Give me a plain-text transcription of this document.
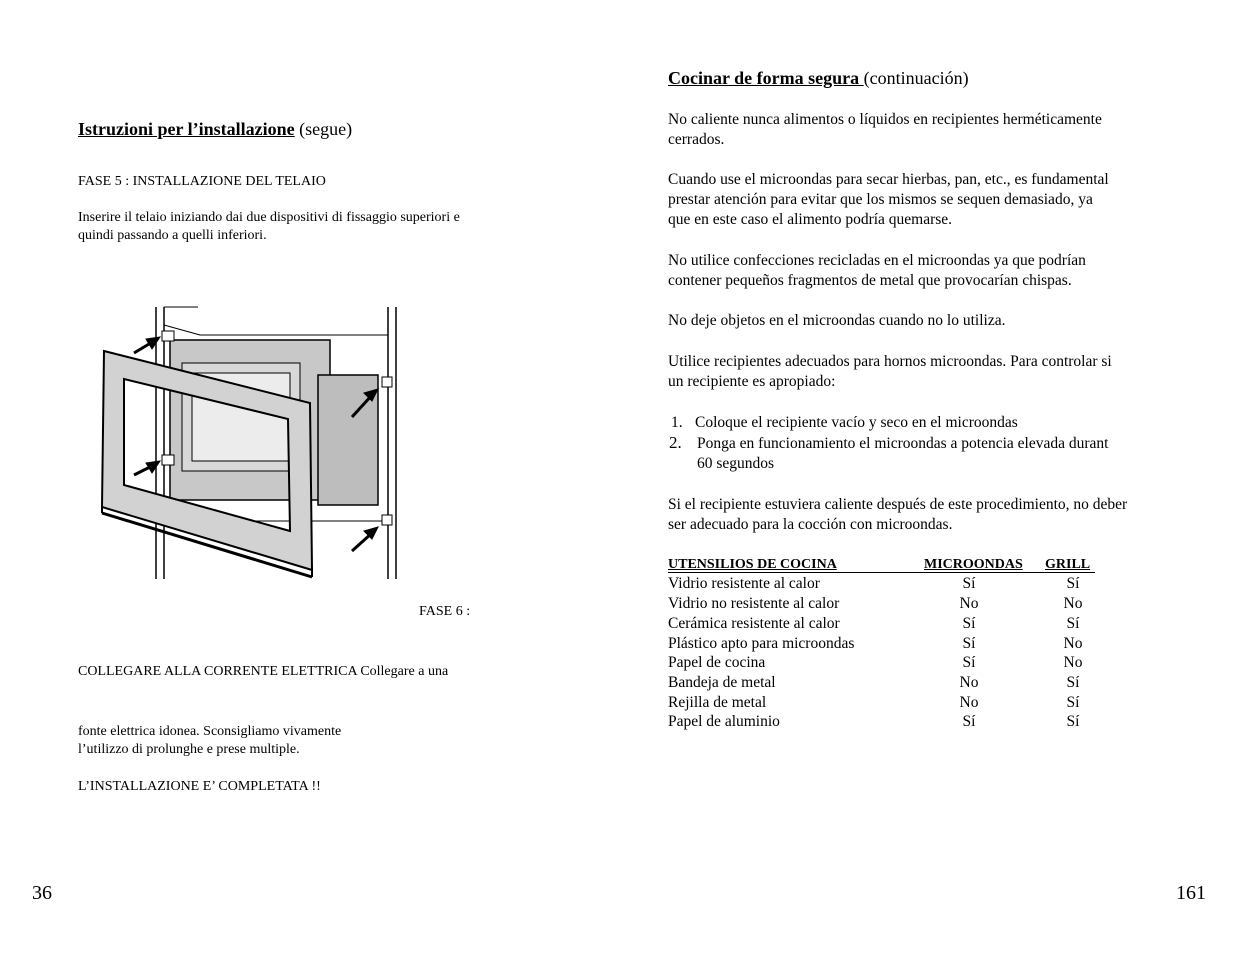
Istruzioni per l’installazione (segue)
FASE 5 : INSTALLAZIONE DEL TELAIO
Inserire il telaio iniziando dai due dispositivi di fissaggio superiori e
quindi passando a quelli inferiori.
FASE 6 :
COLLEGARE ALLA CORRENTE ELETTRICA Collegare a una
fonte elettrica idonea. Sconsigliamo vivamente
l’utilizzo di prolunghe e prese multiple.
L’INSTALLAZIONE E’ COMPLETATA !!
36
Cocinar de forma segura (continuación)
No caliente nunca alimentos o líquidos en recipientes herméticamente
cerrados.
Cuando use el microondas para secar hierbas, pan, etc., es fundamental
prestar atención para evitar que los mismos se sequen demasiado, ya
que en este caso el alimento podría quemarse.
No utilice confecciones recicladas en el microondas ya que podrían
contener pequeños fragmentos de metal que provocarían chispas.
No deje objetos en el microondas cuando no lo utiliza.
Utilice recipientes adecuados para hornos microondas. Para controlar si
un recipiente es apropiado:
1. Coloque el recipiente vacío y seco en el microondas
2. Ponga en funcionamiento el microondas a potencia elevada durant
60 segundos
Si el recipiente estuviera caliente después de este procedimiento, no deber
ser adecuado para la cocción con microondas.
UTENSILIOS DE COCINA	MICROONDAS GRILL
Vidrio resistente al calor	Sí	Sí
Vidrio no resistente al calor	No	No
Cerámica resistente al calor	Sí	Sí
Plástico apto para microondas	Sí	No
Papel de cocina	Sí	No
Bandeja de metal	No	Sí
Rejilla de metal	No	Sí
Papel de aluminio	Sí	Sí
161
